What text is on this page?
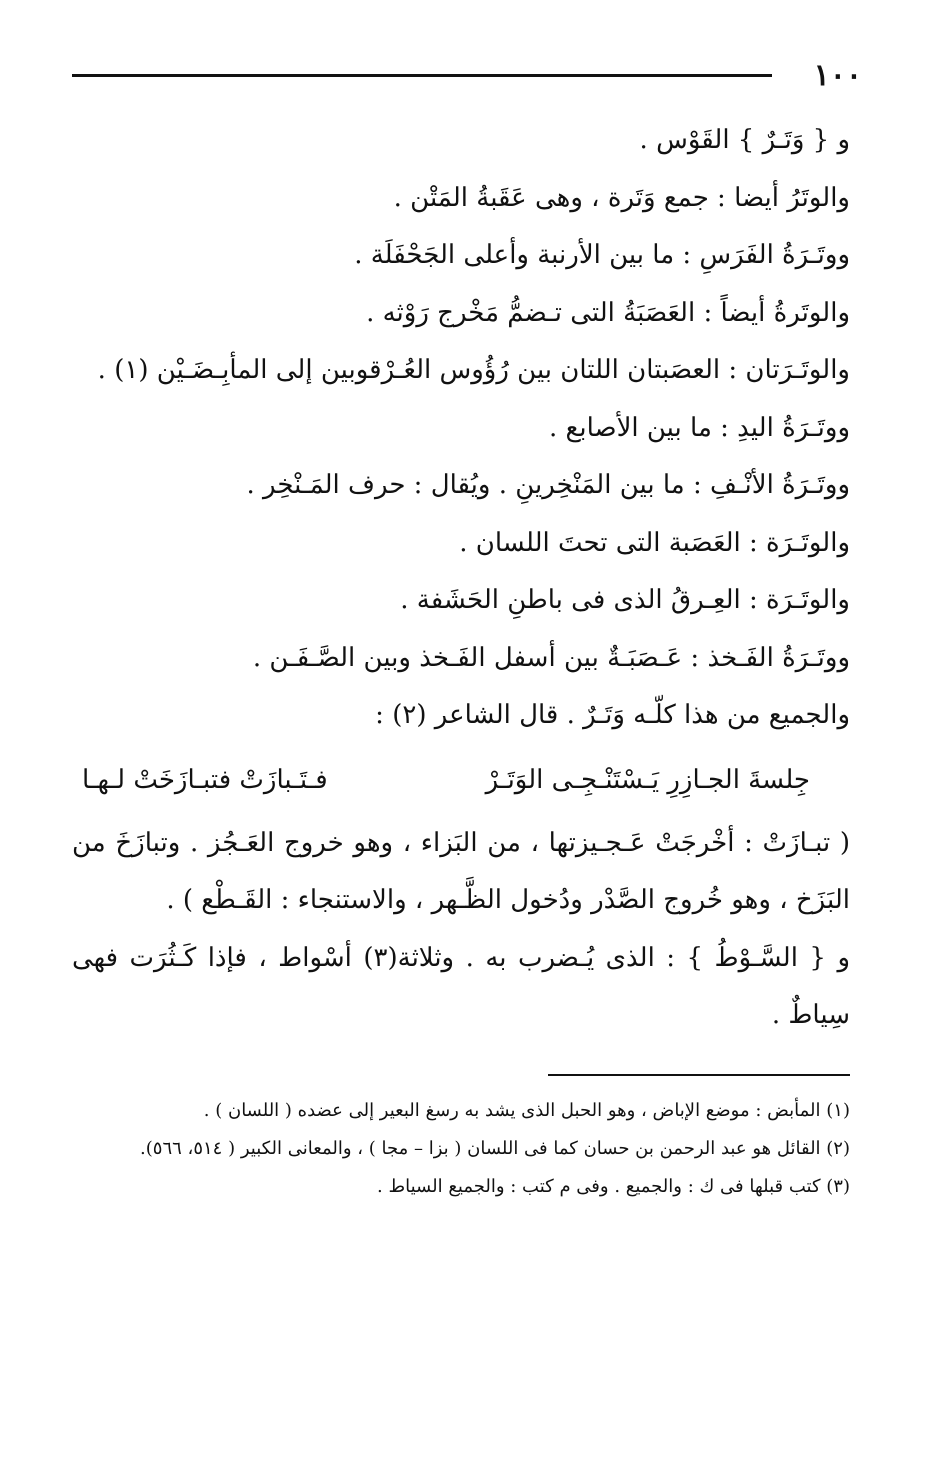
١٠٠
و { وَتَـرٌ } القَوْس .
والوتَرُ أيضا : جمع وَتَرة ، وهى عَقَبةُ المَتْن .
ووتَـرَةُ الفَرَسِ : ما بين الأرنبة وأعلى الجَحْفَلَة .
والوتَرةُ أيضاً : العَصَبَةُ التى تـضمُّ مَخْرج رَوْثه .
والوتَـرَتان : العصَبتان اللتان بين رُؤُوس العُـرْقوبين إلى المأبِـضَـيْن (١) .
ووتَـرَةُ اليدِ : ما بين الأصابع .
ووتَـرَةُ الأنْـفِ : ما بين المَنْخِرينِ . ويُقال : حرف المَـنْخِر .
والوتَـرَة : العَصَبة التى تحتَ اللسان .
والوتَـرَة : العِـرقُ الذى فى باطنِ الحَشَفة .
ووتَـرَةُ الفَـخذ : عَـصَبَـةٌ بين أسفل الفَـخذ وبين الصَّـفَـن .
والجميع من هذا كلّـه وَتَـرٌ . قال الشاعر (٢) :
فـتَـبازَتْ فتبـازَخَتْ لـهـا	جِلسةَ الجـازِرِ يَـسْتَنْـجِـى الوَتَـرْ
( تبـازَتْ : أخْرجَتْ عَـجـيزتها ، من البَزاء ، وهو خروج العَـجُز . وتبازَخَ من البَزَخ ، وهو خُروج الصَّدْر ودُخول الظَّـهر ، والاستنجاء : القَـطْع ) .
و { السَّـوْطُ } : الذى يُـضرب به . وثلاثة(٣) أسْواط ، فإذا كَـثُرَت فهى سِياطٌ .
(١) المأبض : موضع الإباض ، وهو الحبل الذى يشد به رسغ البعير إلى عضده ( اللسان ) .
(٢) القائل هو عبد الرحمن بن حسان كما فى اللسان ( بزا – مجا ) ، والمعانى الكبير ( ٥١٤، ٥٦٦).
(٣) كتب قبلها فى ك : والجميع . وفى م كتب : والجميع السياط .
